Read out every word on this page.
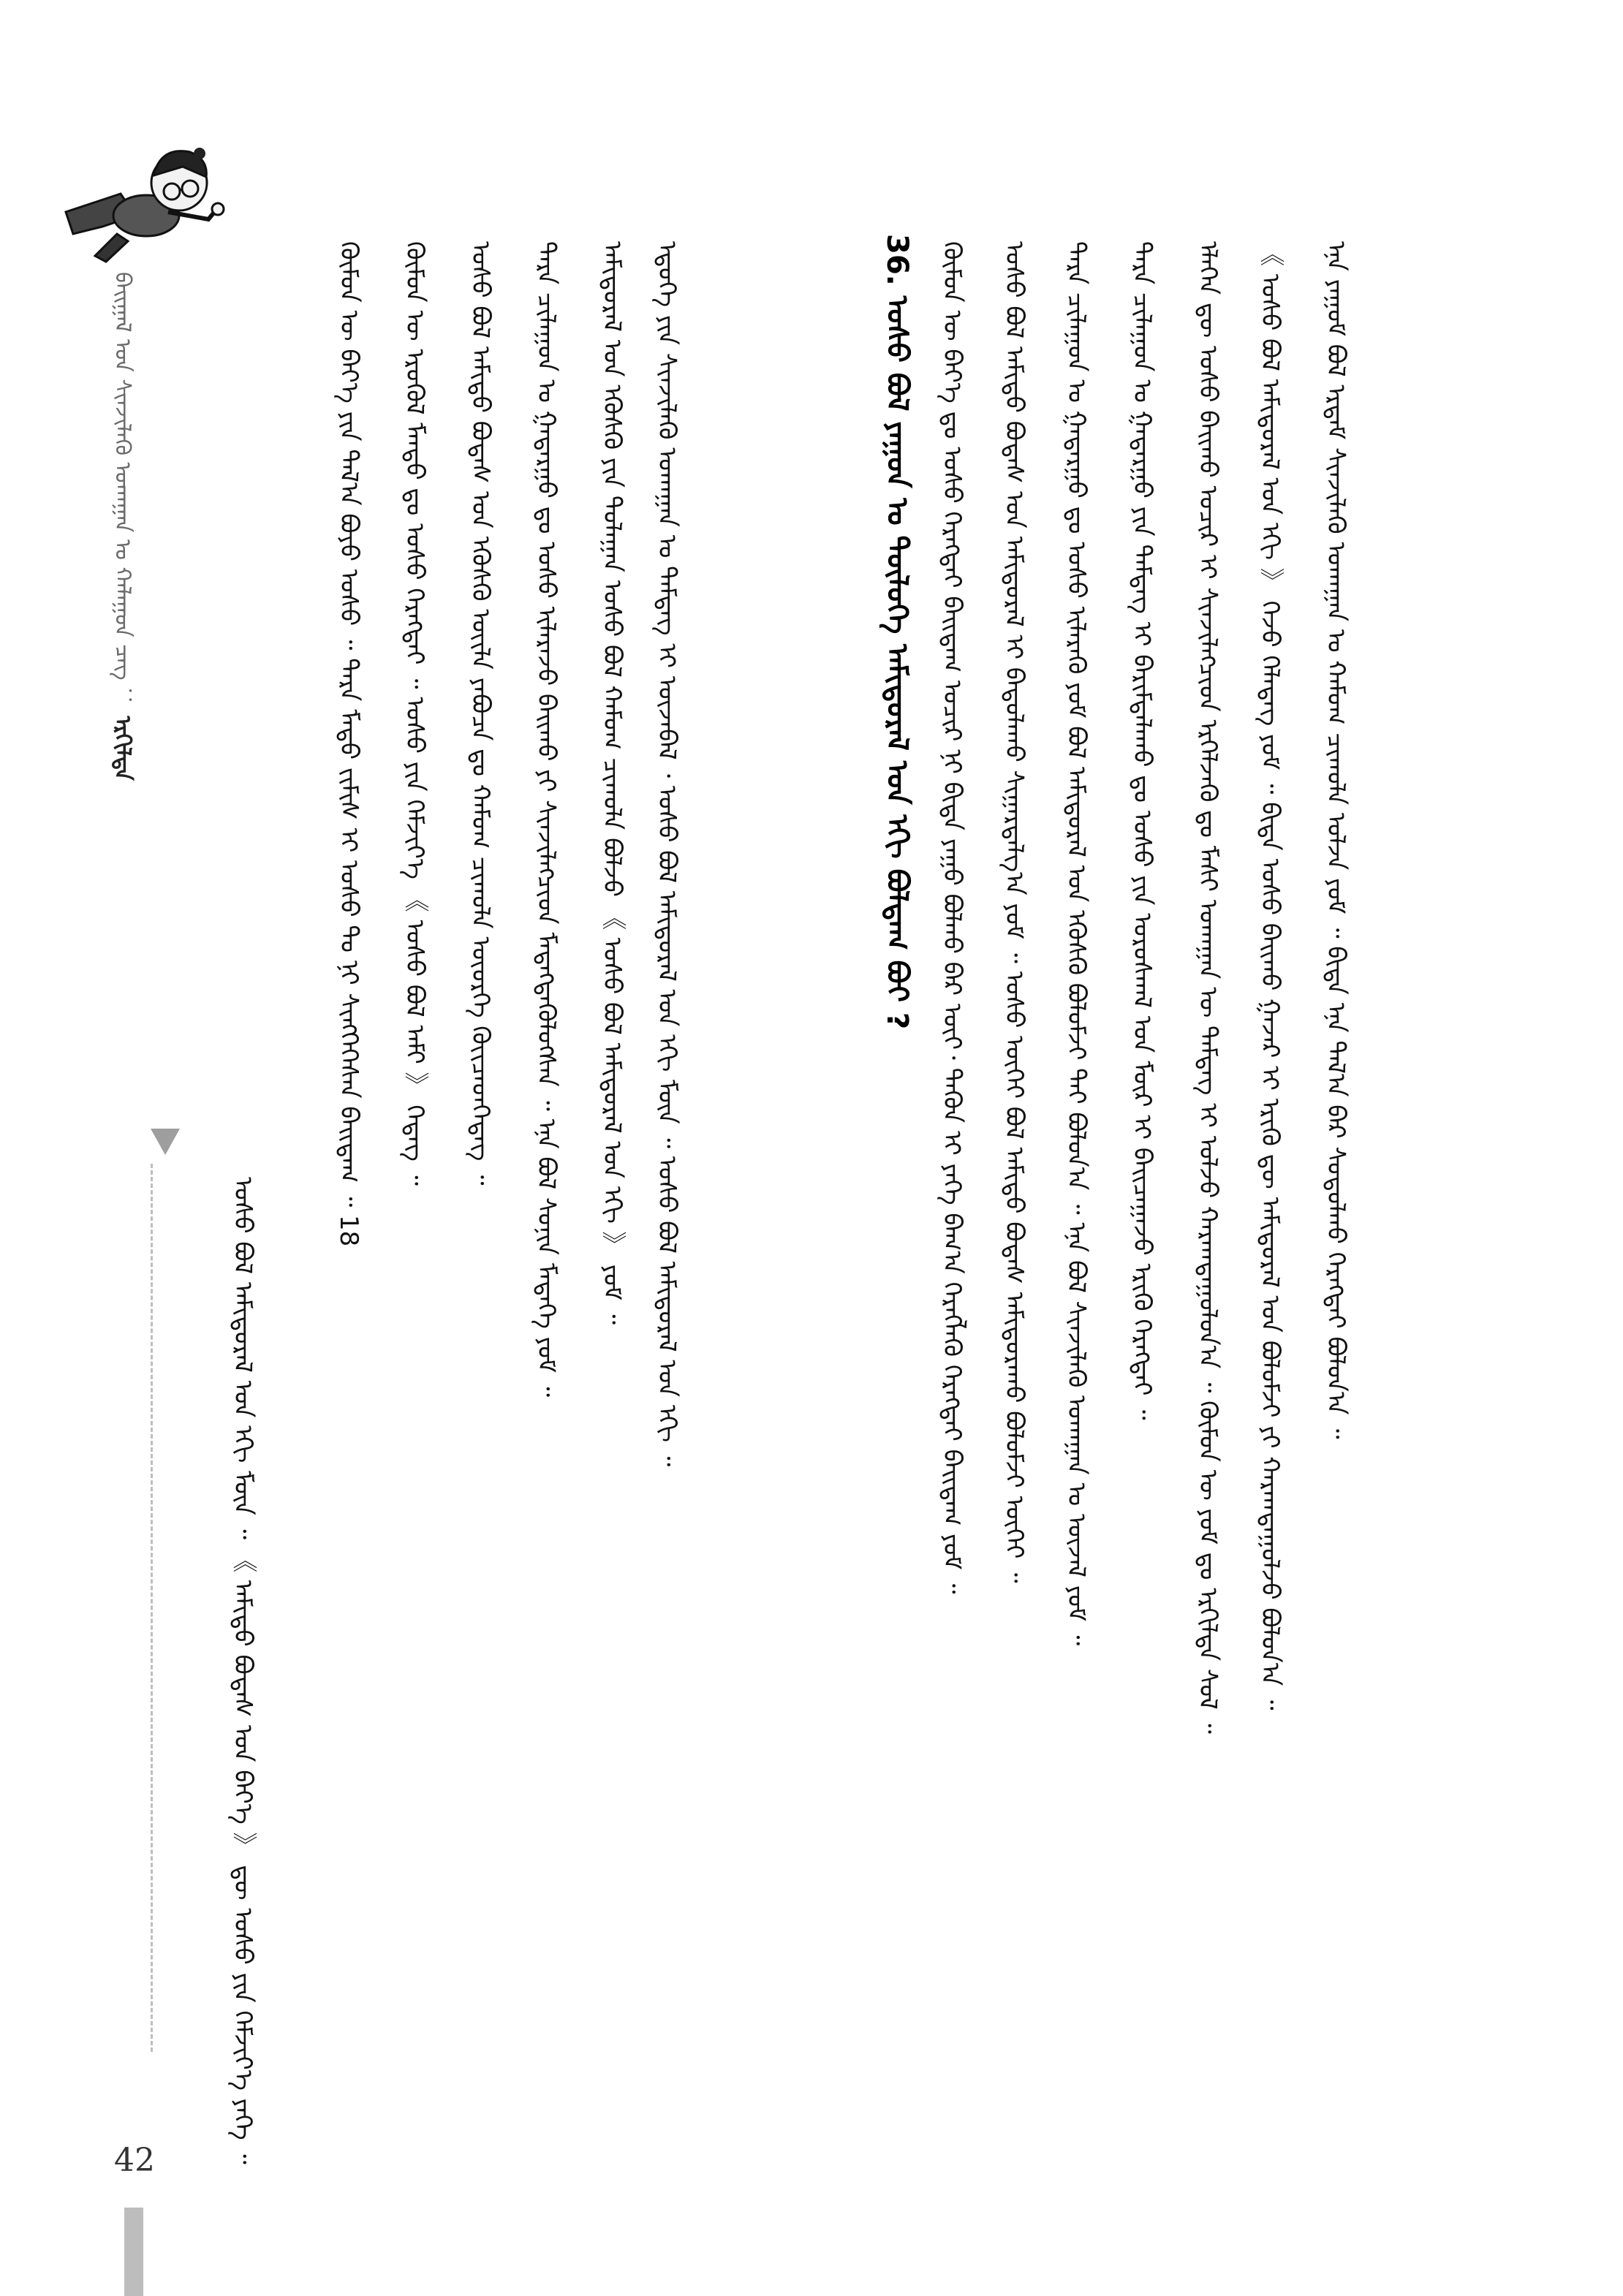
ᠪᠠᠢᠭᠠᠯ ᠤᠨ ᠰᠢᠨᠵᠢᠯᠡᠬᠦ ᠤᠬᠠᠭᠠᠨ ᠤ ᠬᠠᠯᠠᠭᠤᠨ ᠴᠡᠭ ： ᠡᠷᠭᠢᠯᠲᠡ
ᠤᠰᠤ ᠪᠣᠯ ᠠᠮᠢᠳᠤᠷᠠᠯ ᠤᠨ ᠡᠬᠢ ᠮᠥᠨ ᠃ 《 ᠠᠮᠢᠳᠤ ᠪᠣᠳᠠᠰ ᠤᠨ ᠪᠡᠶ᠎ᠡ 》 ᠳᠦ ᠤᠰᠤ ᠶᠢᠨ ᠬᠡᠮᠵᠢᠶ᠎ᠡ ᠶᠡᠬᠡ ᠃
ᠬᠦᠮᠦᠨ ᠦ ᠪᠡᠶ᠎ᠡ ᠶᠢᠨ ᠲᠠᠯ᠎ᠠ ᠪᠤᠶᠤ ᠤᠰᠤ ᠃ ᠲᠡᠷᠡ ᠮᠡᠲᠦ ᠵᠢᠮᠢᠰ ᠢ ᠤᠰᠤ ᠲᠤ ᠨᠢ ᠰᠢᠩᠭᠡᠭᠡᠰᠡᠨ ᠪᠠᠢᠳᠠᠭ ᠃ 18	ᠬᠦᠮᠦᠨ ᠦ ᠡᠷᠦᠬᠦᠯ ᠮᠡᠨᠳᠦ ᠳᠤ ᠤᠰᠤ ᠬᠡᠷᠡᠭᠲᠡᠢ ᠃ ᠤᠰᠤ ᠶᠢᠨ ᠬᠡᠮᠵᠢᠶ᠎ᠡ 《 ᠤᠰᠤ ᠪᠣᠯ ᠠᠮᠢ 》 ᠭᠡᠳᠡᠭ ᠃	ᠤᠰᠤ ᠪᠣᠯ ᠠᠮᠢᠳᠤ ᠪᠣᠳᠠᠰ ᠤᠨ ᠡᠭᠦᠰᠬᠦ ᠦᠢᠯᠡ ᠶᠠᠪᠤᠴᠠ ᠳᠤ ᠬᠠᠮᠤᠭ ᠴᠢᠬᠤᠯᠠ ᠦᠦᠷᠭᠡ ᠭᠦᠢᠴᠡᠳᠬᠡᠳᠡᠭ ᠃	ᠲᠡᠷᠡ ᠴᠢᠯᠠᠭᠤᠨ ᠤ ᠭᠠᠳᠠᠷᠭᠤ ᠳᠤ ᠤᠰᠤ ᠢᠯᠡᠷᠡᠵᠦ ᠪᠠᠢᠬᠤ ᠶᠢ ᠰᠢᠨᠵᠢᠯᠡᠭᠴᠢᠳ ᠮᠡᠳᠡᠭᠳᠡᠭᠦᠯᠦᠭᠰᠡᠨ ᠃ ᠡᠨᠡ ᠪᠣᠯ ᠰᠣᠨᠢᠨ ᠮᠡᠳᠡᠭᠡ ᠶᠤᠮ ᠃	ᠠᠮᠢᠳᠤᠷᠠᠯ ᠤᠨ ᠡᠭᠦᠰᠬᠦ ᠶᠢᠨ ᠳᠤᠯᠠᠭᠠᠨ ᠤᠰᠤ ᠪᠣᠯ ᠬᠠᠮᠤᠭ ᠴᠢᠬᠤᠯᠠ ᠪᠣᠯᠵᠤ 《 ᠤᠰᠤ ᠪᠣᠯ ᠠᠮᠢᠳᠤᠷᠠᠯ ᠤᠨ ᠡᠬᠢ 》 ᠶᠤᠮ ᠃	ᠡᠳᠦᠭᠡ ᠶᠢᠨ ᠰᠢᠨᠵᠢᠯᠡᠬᠦ ᠤᠬᠠᠭᠠᠨ ᠤ ᠲᠡᠮᠳᠡᠭ ᠢ ᠦᠵᠡᠪᠡᠯ ᠂ ᠤᠰᠤ ᠪᠣᠯ ᠠᠮᠢᠳᠤᠷᠠᠯ ᠤᠨ ᠡᠬᠢ ᠮᠥᠨ ᠃ ᠤᠰᠤ ᠪᠣᠯ ᠠᠮᠢᠳᠤᠷᠠᠯ ᠤᠨ ᠡᠬᠢ ᠃	36. ᠤᠰᠤ ᠪᠣᠯ ᠶᠠᠭᠤᠨ ᠤ ᠲᠥᠯᠦᠭᠡ ᠠᠮᠢᠳᠤᠷᠠᠯ ᠤᠨ ᠡᠬᠢ ᠪᠣᠯᠳᠠᠭ ᠪᠤᠢ ? ᠬᠦᠮᠦᠨ ᠦ ᠪᠡᠶ᠎ᠡ ᠳᠤ ᠤᠰᠤ ᠬᠡᠷᠡᠭᠲᠡᠢ ᠪᠠᠢᠳᠠᠭ ᠤᠴᠢᠷ ᠨᠢ ᠪᠢᠳᠡ ᠶᠠᠭᠤ ᠪᠣᠯᠬᠤ ᠪᠡᠷ ᠦᠢ᠂ ᠲᠡᠭᠦᠨ ᠢ ᠶᠡᠬᠡ ᠪᠠᠭ᠎ᠠ ᠬᠡᠷᠡᠭᠯᠡᠬᠦ ᠬᠡᠷᠡᠭᠲᠡᠢ ᠪᠠᠢᠳᠠᠭ ᠶᠤᠮ ᠃	ᠤᠰᠤ ᠪᠣᠯ ᠠᠮᠢᠳᠤ ᠪᠣᠳᠠᠰ ᠤᠨ ᠠᠮᠢᠳᠤᠷᠠᠯ ᠢ ᠪᠠᠲᠤᠯᠠᠬᠤ ᠰᠢᠭᠠᠷᠳᠠᠯᠭ᠎ᠠ ᠶᠤᠮ ᠃ ᠤᠰᠤ ᠦᠭᠡᠢ ᠪᠣᠯ ᠠᠮᠢᠳᠤ ᠪᠣᠳᠠᠰ ᠠᠮᠢᠳᠤᠷᠠᠬᠤ ᠪᠣᠯᠤᠮᠵᠢ ᠦᠭᠡᠢ ᠃	ᠲᠡᠷᠡ ᠴᠢᠯᠠᠭᠤᠨ ᠤ ᠭᠠᠳᠠᠷᠭᠤ ᠳᠤ ᠤᠰᠤ ᠢᠯᠡᠷᠡᠬᠦ ᠶᠤᠮ ᠪᠣᠯ ᠠᠮᠢᠳᠤᠷᠠᠯ ᠤᠨ ᠡᠭᠦᠰᠬᠦ ᠪᠣᠯᠤᠮᠵᠢ ᠲᠠᠢ ᠪᠣᠯᠤᠨ᠎ᠠ ᠃ ᠡᠨᠡ ᠪᠣᠯ ᠰᠢᠨᠵᠢᠯᠡᠬᠦ ᠤᠬᠠᠭᠠᠨ ᠤ ᠦᠵᠡᠯ ᠶᠤᠮ ᠃	ᠲᠡᠷᠡ ᠴᠢᠯᠠᠭᠤᠨ ᠤ ᠭᠠᠳᠠᠷᠭᠤ ᠶᠢᠨ ᠲᠡᠮᠳᠡᠭ ᠢ ᠪᠠᠷᠢᠮᠲᠠᠯᠠᠬᠤ ᠳᠤ ᠤᠰᠤ ᠶᠢᠨ ᠤᠷᠤᠰᠬᠠᠯ ᠤᠨ ᠮᠦᠷ ᠢ ᠪᠠᠢᠴᠠᠭᠠᠵᠤ ᠡᠷᠢᠬᠦ ᠬᠡᠷᠡᠭᠲᠡᠢ ᠃	ᠡᠯᠡᠭᠡᠨ ᠳᠦ ᠤᠰᠤ ᠪᠠᠢᠬᠤ ᠤᠴᠢᠷ ᠢ ᠰᠢᠨᠵᠢᠯᠡᠭᠴᠢᠳ ᠡᠷᠭᠡᠯᠵᠡᠬᠦ ᠳᠤ ᠮᠠᠰᠢ ᠤᠬᠠᠭᠠᠨ ᠦ ᠲᠡᠮᠳᠡᠭ ᠢ ᠤᠯᠵᠤ ᠬᠠᠷᠠᠭᠳᠠᠭᠤᠯᠤᠨ᠎ᠠ ᠃ ᠬᠦᠮᠦᠨ ᠦ ᠶᠤᠮ ᠳᠤ ᠡᠷᠭᠢᠯᠲᠡ ᠰᠤᠯ ᠃	《 ᠤᠰᠤ ᠪᠣᠯ ᠠᠮᠢᠳᠤᠷᠠᠯ ᠤᠨ ᠡᠬᠢ 》 ᠭᠡᠵᠦ ᠬᠡᠯᠡᠳᠡᠭ ᠶᠤᠮ ᠃ ᠪᠢᠳᠡ ᠤᠰᠤ ᠪᠠᠢᠬᠤ ᠭᠠᠵᠠᠷ ᠢ ᠡᠷᠢᠬᠦ ᠳᠦ ᠠᠮᠢᠳᠤᠷᠠᠯ ᠤᠨ ᠪᠣᠯᠤᠮᠵᠢ ᠶᠢ ᠬᠠᠷᠠᠭᠳᠠᠭᠤᠯᠵᠤ ᠪᠣᠯᠤᠨ᠎ᠠ ᠃	ᠡᠨᠡ ᠶᠠᠭᠤᠮ ᠪᠣᠯ ᠡᠷᠳᠡᠮ ᠰᠢᠨᠵᠢᠯᠡᠬᠦ ᠤᠬᠠᠭᠠᠨ ᠤ ᠬᠠᠮᠤᠭ ᠴᠢᠬᠤᠯᠠ ᠤᠯᠵᠠ ᠶᠤᠮ ᠃ ᠪᠢᠳᠡ ᠡᠨᠡ ᠲᠠᠯ᠎ᠠ ᠪᠠᠷ ᠰᠤᠳᠤᠯᠬᠤ ᠬᠡᠷᠡᠭᠲᠡᠢ ᠪᠣᠯᠤᠨ᠎ᠠ ᠃
42
